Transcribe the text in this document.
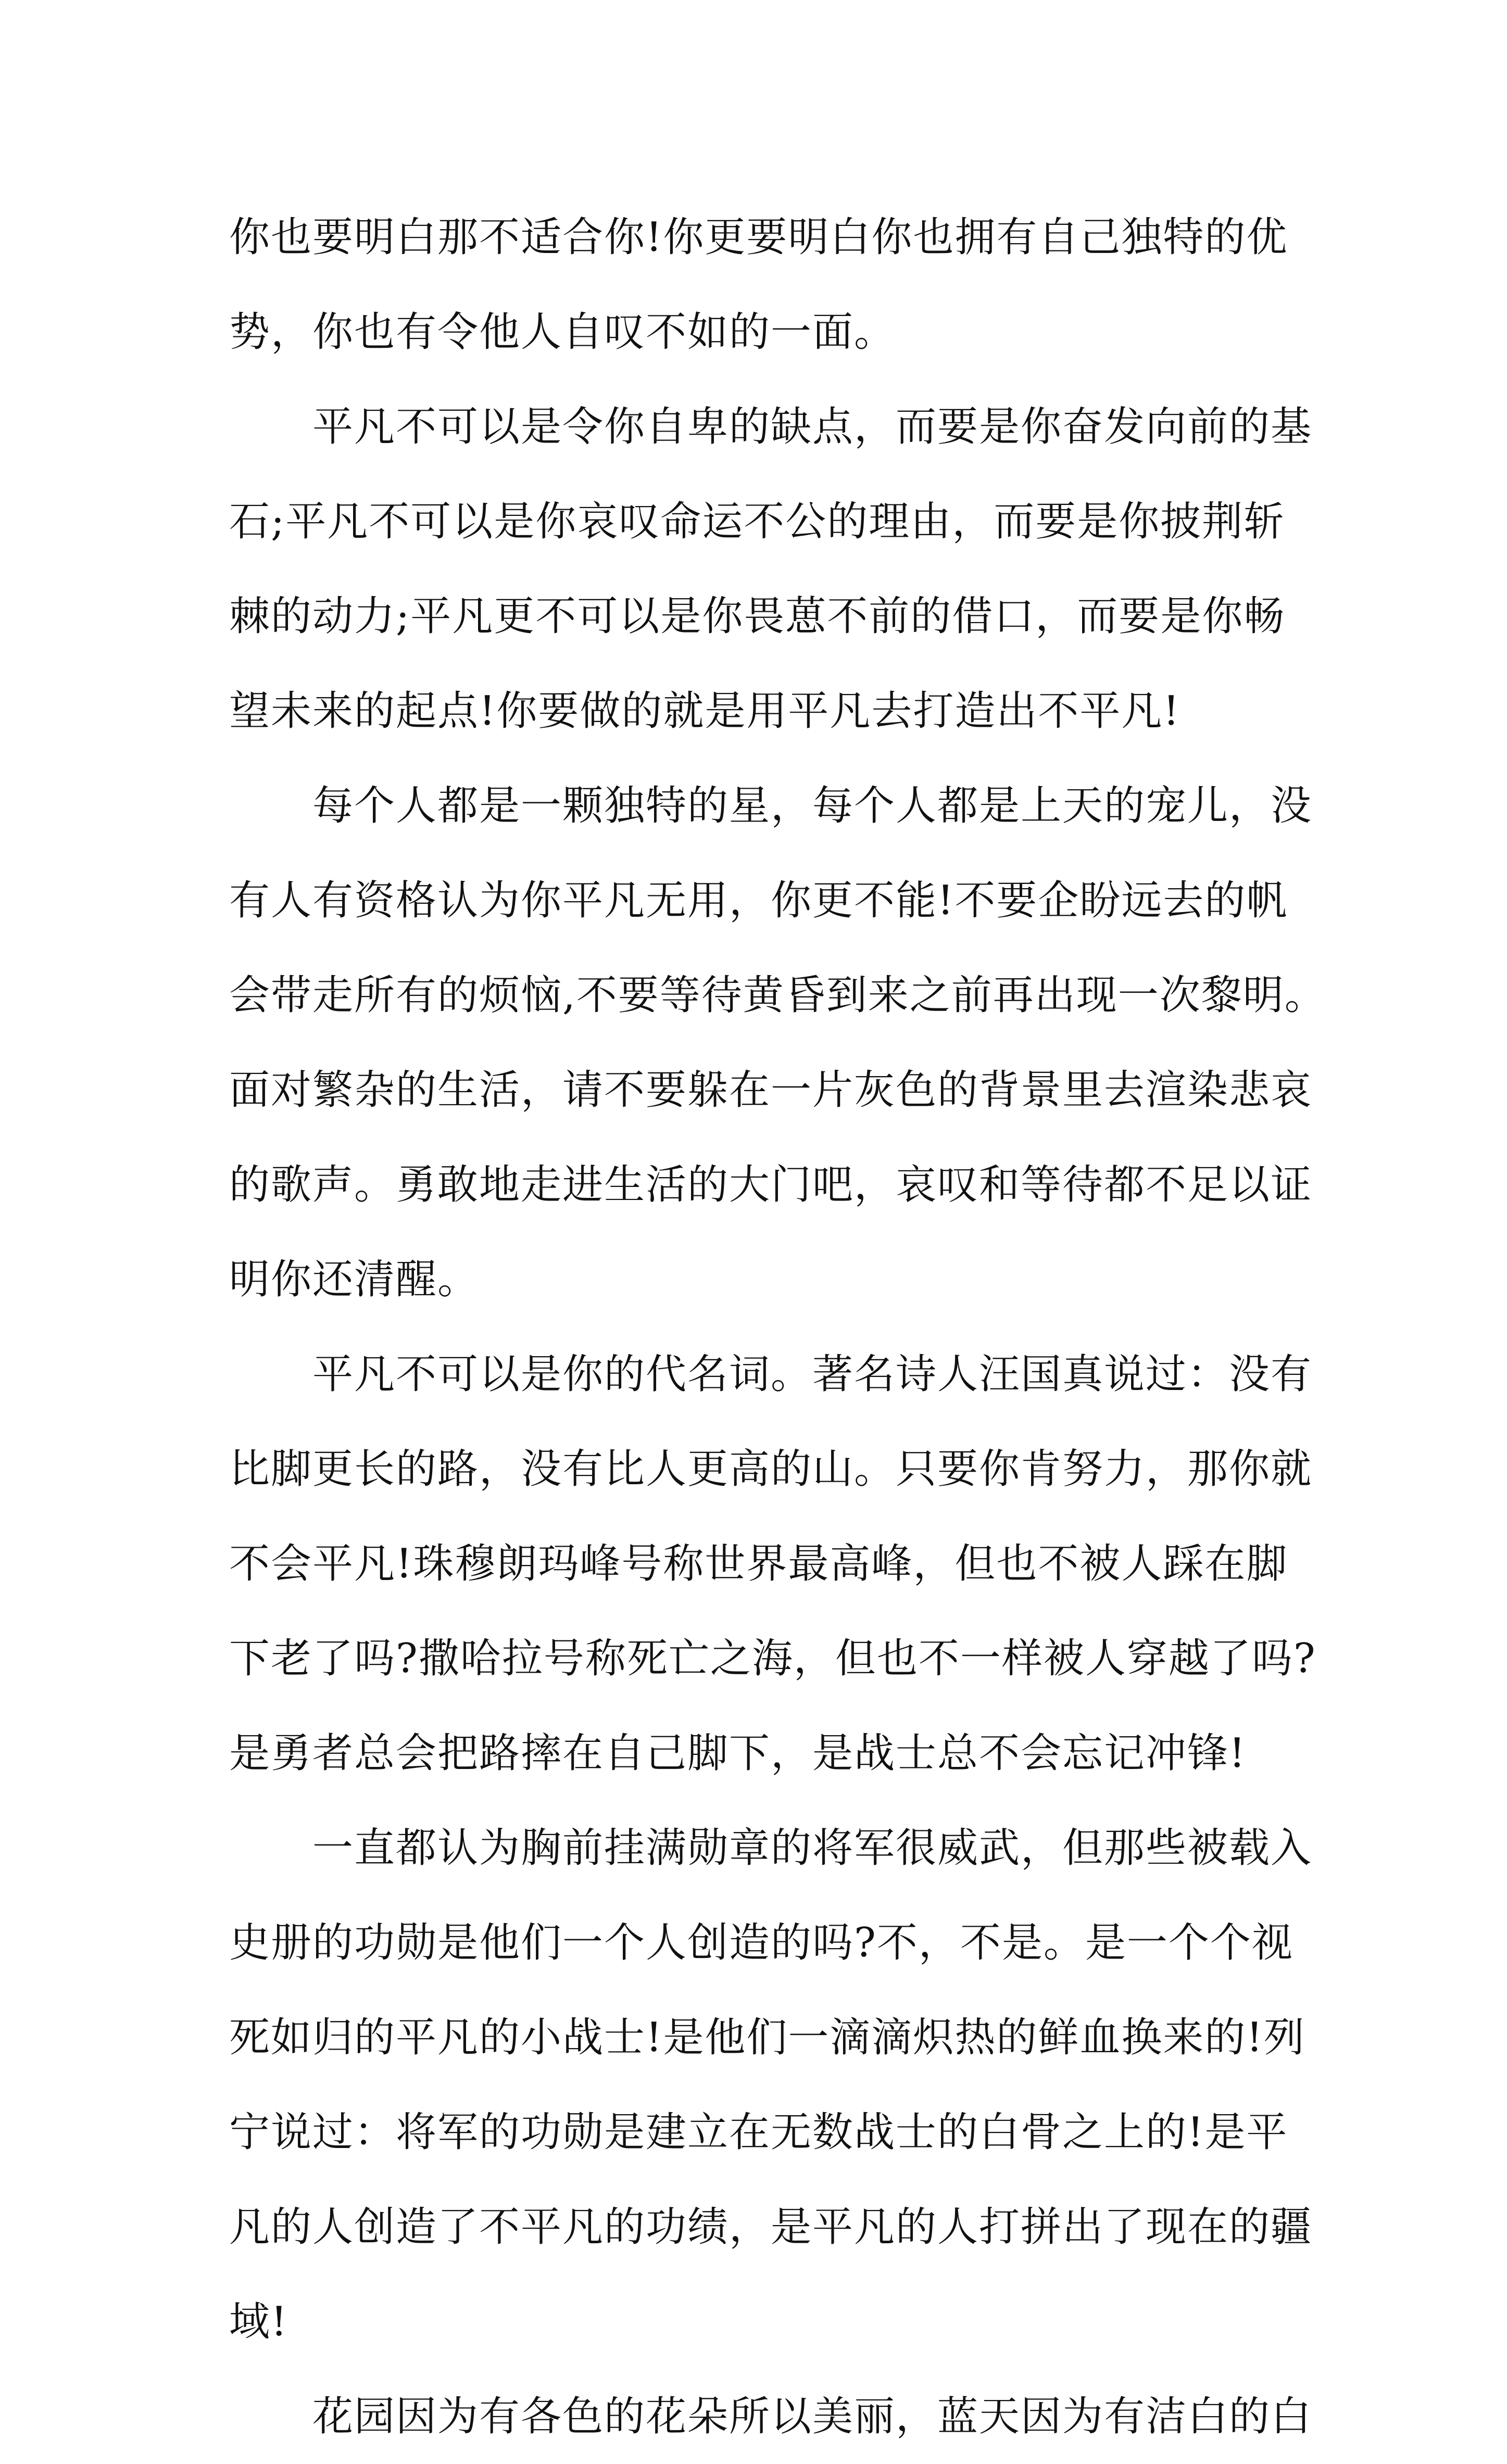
你也要明白那不适合你!你更要明白你也拥有自己独特的优
势，你也有令他人自叹不如的一面。
平凡不可以是令你自卑的缺点，而要是你奋发向前的基
石;平凡不可以是你哀叹命运不公的理由，而要是你披荆斩
棘的动力;平凡更不可以是你畏葸不前的借口，而要是你畅
望未来的起点!你要做的就是用平凡去打造出不平凡!
每个人都是一颗独特的星，每个人都是上天的宠儿，没
有人有资格认为你平凡无用，你更不能!不要企盼远去的帆
会带走所有的烦恼,不要等待黄昏到来之前再出现一次黎明。
面对繁杂的生活，请不要躲在一片灰色的背景里去渲染悲哀
的歌声。勇敢地走进生活的大门吧，哀叹和等待都不足以证
明你还清醒。
平凡不可以是你的代名词。著名诗人汪国真说过：没有
比脚更长的路，没有比人更高的山。只要你肯努力，那你就
不会平凡!珠穆朗玛峰号称世界最高峰，但也不被人踩在脚
下老了吗?撒哈拉号称死亡之海，但也不一样被人穿越了吗?
是勇者总会把路摔在自己脚下，是战士总不会忘记冲锋!
一直都认为胸前挂满勋章的将军很威武，但那些被载入
史册的功勋是他们一个人创造的吗?不，不是。是一个个视
死如归的平凡的小战士!是他们一滴滴炽热的鲜血换来的!列
宁说过：将军的功勋是建立在无数战士的白骨之上的!是平
凡的人创造了不平凡的功绩，是平凡的人打拼出了现在的疆
域!
花园因为有各色的花朵所以美丽，蓝天因为有洁白的白
